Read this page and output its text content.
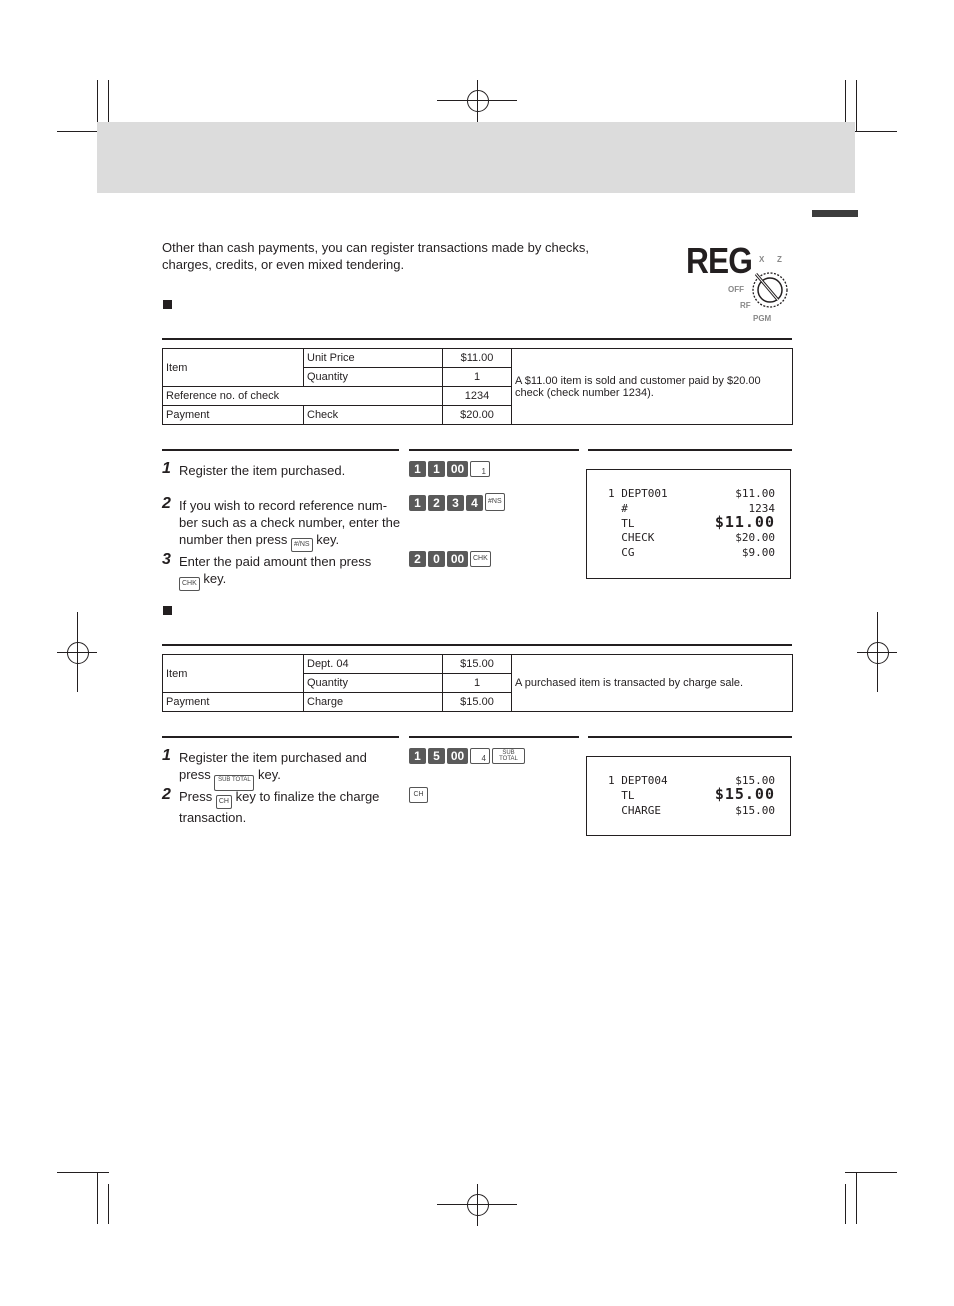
Other than cash payments, you can register transactions made by checks, charges, credits, or even mixed tendering.	REG X Z
OFF
RF
PGM
Item	Unit Price	$11.00	A $11.00 item is sold and customer paid by $20.00 check (check number 1234).
	Quantity	1	
Reference no. of check		1234	
Payment	Check	$20.00	
1 Register the item purchased.
2 If you wish to record reference num-ber such as a check number, enter the number then press #/NS key.
3 Enter the paid amount then press
CHK key.
1	1 00	1
1	2	3	4	#NS
2	0 00	CHK
1 DEPT001	$11.00
#	1234
TL	$11.00
CHECK	$20.00
CG	$9.00
Item	Dept. 04	$15.00	A purchased item is transacted by charge sale.
	Quantity	1	
Payment	Charge	$15.00	
1 Register the item purchased and press SUB TOTAL key.
2 Press CH key to finalize the charge transaction.
1	5 00	4
SUB TOTAL
CH
1 DEPT004	$15.00
TL	$15.00
CHARGE	$15.00
